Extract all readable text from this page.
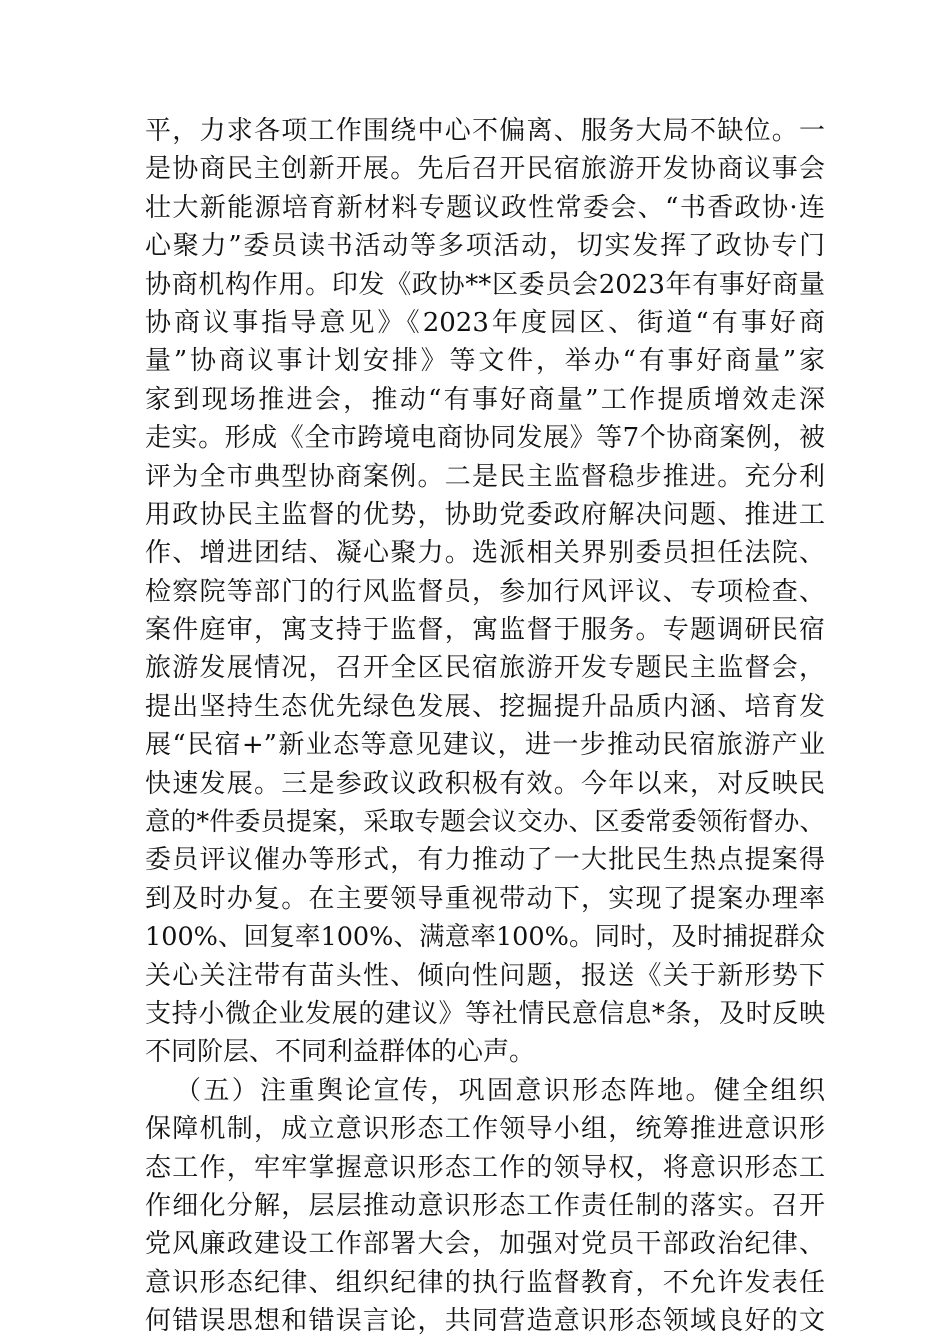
平，力求各项工作围绕中心不偏离、服务大局不缺位。一
是协商民主创新开展。先后召开民宿旅游开发协商议事会
壮大新能源培育新材料专题议政性常委会、“书香政协·连
心聚力”委员读书活动等多项活动，切实发挥了政协专门
协商机构作用。印发《政协**区委员会2023年有事好商量
协商议事指导意见》《2023年度园区、街道“有事好商
量”协商议事计划安排》等文件，举办“有事好商量”家
家到现场推进会，推动“有事好商量”工作提质增效走深
走实。形成《全市跨境电商协同发展》等7个协商案例，被
评为全市典型协商案例。二是民主监督稳步推进。充分利
用政协民主监督的优势，协助党委政府解决问题、推进工
作、增进团结、凝心聚力。选派相关界别委员担任法院、
检察院等部门的行风监督员，参加行风评议、专项检查、
案件庭审，寓支持于监督，寓监督于服务。专题调研民宿
旅游发展情况，召开全区民宿旅游开发专题民主监督会，
提出坚持生态优先绿色发展、挖掘提升品质内涵、培育发
展“民宿+”新业态等意见建议，进一步推动民宿旅游产业
快速发展。三是参政议政积极有效。今年以来，对反映民
意的*件委员提案，采取专题会议交办、区委常委领衔督办、
委员评议催办等形式，有力推动了一大批民生热点提案得
到及时办复。在主要领导重视带动下，实现了提案办理率
100%、回复率100%、满意率100%。同时，及时捕捉群众
关心关注带有苗头性、倾向性问题，报送《关于新形势下
支持小微企业发展的建议》等社情民意信息*条，及时反映
不同阶层、不同利益群体的心声。
（五）注重舆论宣传，巩固意识形态阵地。健全组织
保障机制，成立意识形态工作领导小组，统筹推进意识形
态工作，牢牢掌握意识形态工作的领导权，将意识形态工
作细化分解，层层推动意识形态工作责任制的落实。召开
党风廉政建设工作部署大会，加强对党员干部政治纪律、
意识形态纪律、组织纪律的执行监督教育，不允许发表任
何错误思想和错误言论，共同营造意识形态领域良好的文
